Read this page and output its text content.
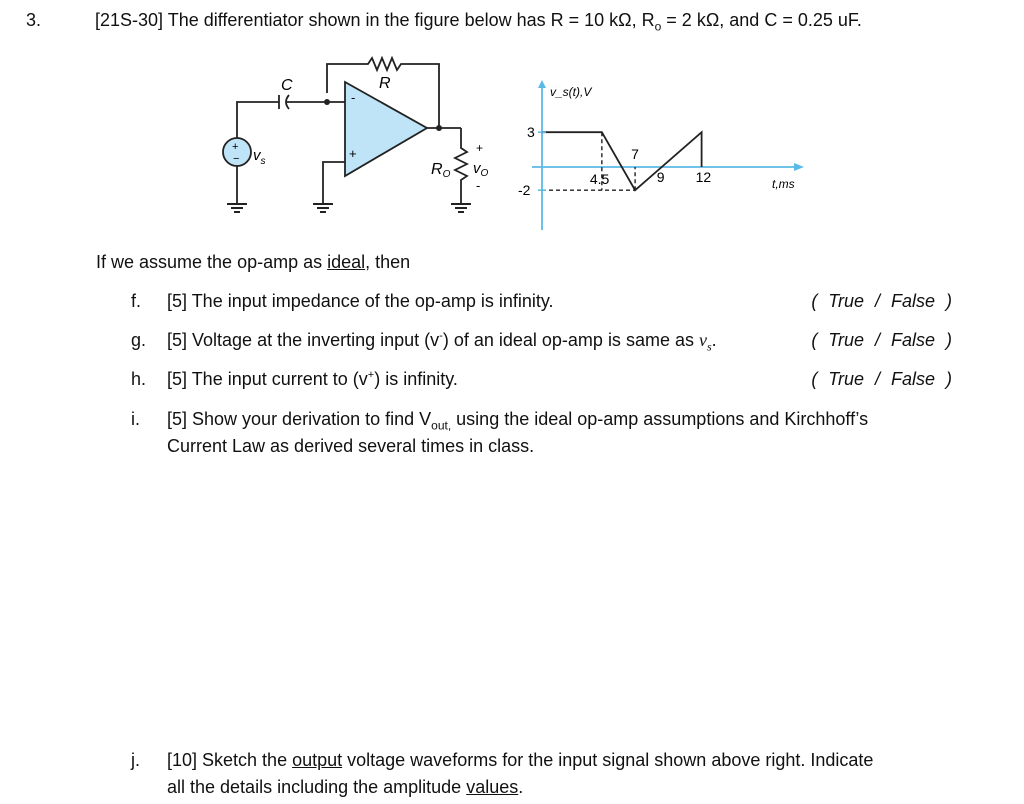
3.	[21S-30] The differentiator shown in the figure below has R = 10 kΩ, $R_o = 2$ kΩ, and C = 0.25 uF.
R
-
+
C
+
− $v_s$	RO
+
$v_O$
-
v_s(t),V
t,ms
4.5
7
9 12
3
-2
If we assume the op-amp as ideal, then
f. [5] The input impedance of the op-amp is infinity.	( True / False )
g. [5] Voltage at the inverting input (v-) of an ideal op-amp is same as $v_s$.	( True / False )
h. [5] The input current to (v+) is infinity.	( True / False )
i. [5] Show your derivation to find $V_{out,}$ using the ideal op-amp assumptions and Kirchhoff’s
Current Law as derived several times in class.
j. [10] Sketch the output voltage waveforms for the input signal shown above right. Indicate
all the details including the amplitude values.
